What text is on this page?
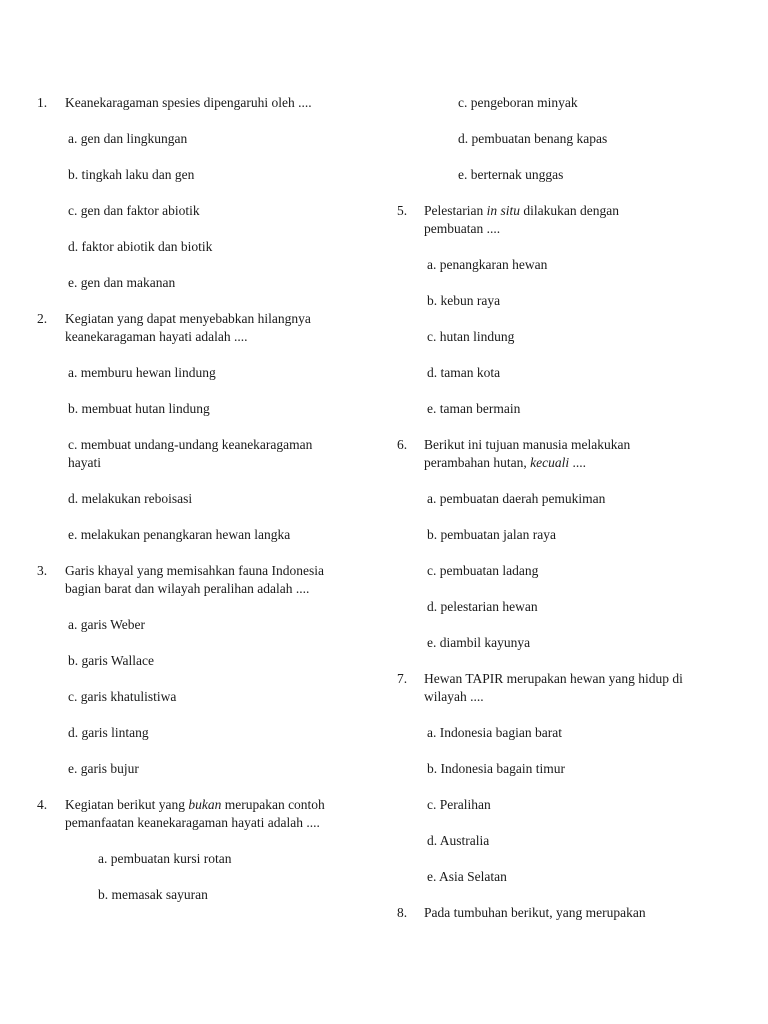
1. Keanekaragaman spesies dipengaruhi oleh ....
a. gen dan lingkungan
b. tingkah laku dan gen
c. gen dan faktor abiotik
d. faktor abiotik dan biotik
e. gen dan makanan
2. Kegiatan yang dapat menyebabkan hilangnya
keanekaragaman hayati adalah ....
a. memburu hewan lindung
b. membuat hutan lindung
c. membuat undang-undang keanekaragaman
hayati
d. melakukan reboisasi
e. melakukan penangkaran hewan langka
3. Garis khayal yang memisahkan fauna Indonesia
bagian barat dan wilayah peralihan adalah ....
a. garis Weber
b. garis Wallace
c. garis khatulistiwa
d. garis lintang
e. garis bujur
4. Kegiatan berikut yang bukan merupakan contoh
pemanfaatan keanekaragaman hayati adalah ....
a. pembuatan kursi rotan
b. memasak sayuran
c. pengeboran minyak
d. pembuatan benang kapas
e. berternak unggas
5. Pelestarian in situ dilakukan dengan
pembuatan ....
a. penangkaran hewan
b. kebun raya
c. hutan lindung
d. taman kota
e. taman bermain
6. Berikut ini tujuan manusia melakukan
perambahan hutan, kecuali ....
a. pembuatan daerah pemukiman
b. pembuatan jalan raya
c. pembuatan ladang
d. pelestarian hewan
e. diambil kayunya
7. Hewan TAPIR merupakan hewan yang hidup di
wilayah ....
a. Indonesia bagian barat
b. Indonesia bagain timur
c. Peralihan
d. Australia
e. Asia Selatan
8. Pada tumbuhan berikut, yang merupakan
